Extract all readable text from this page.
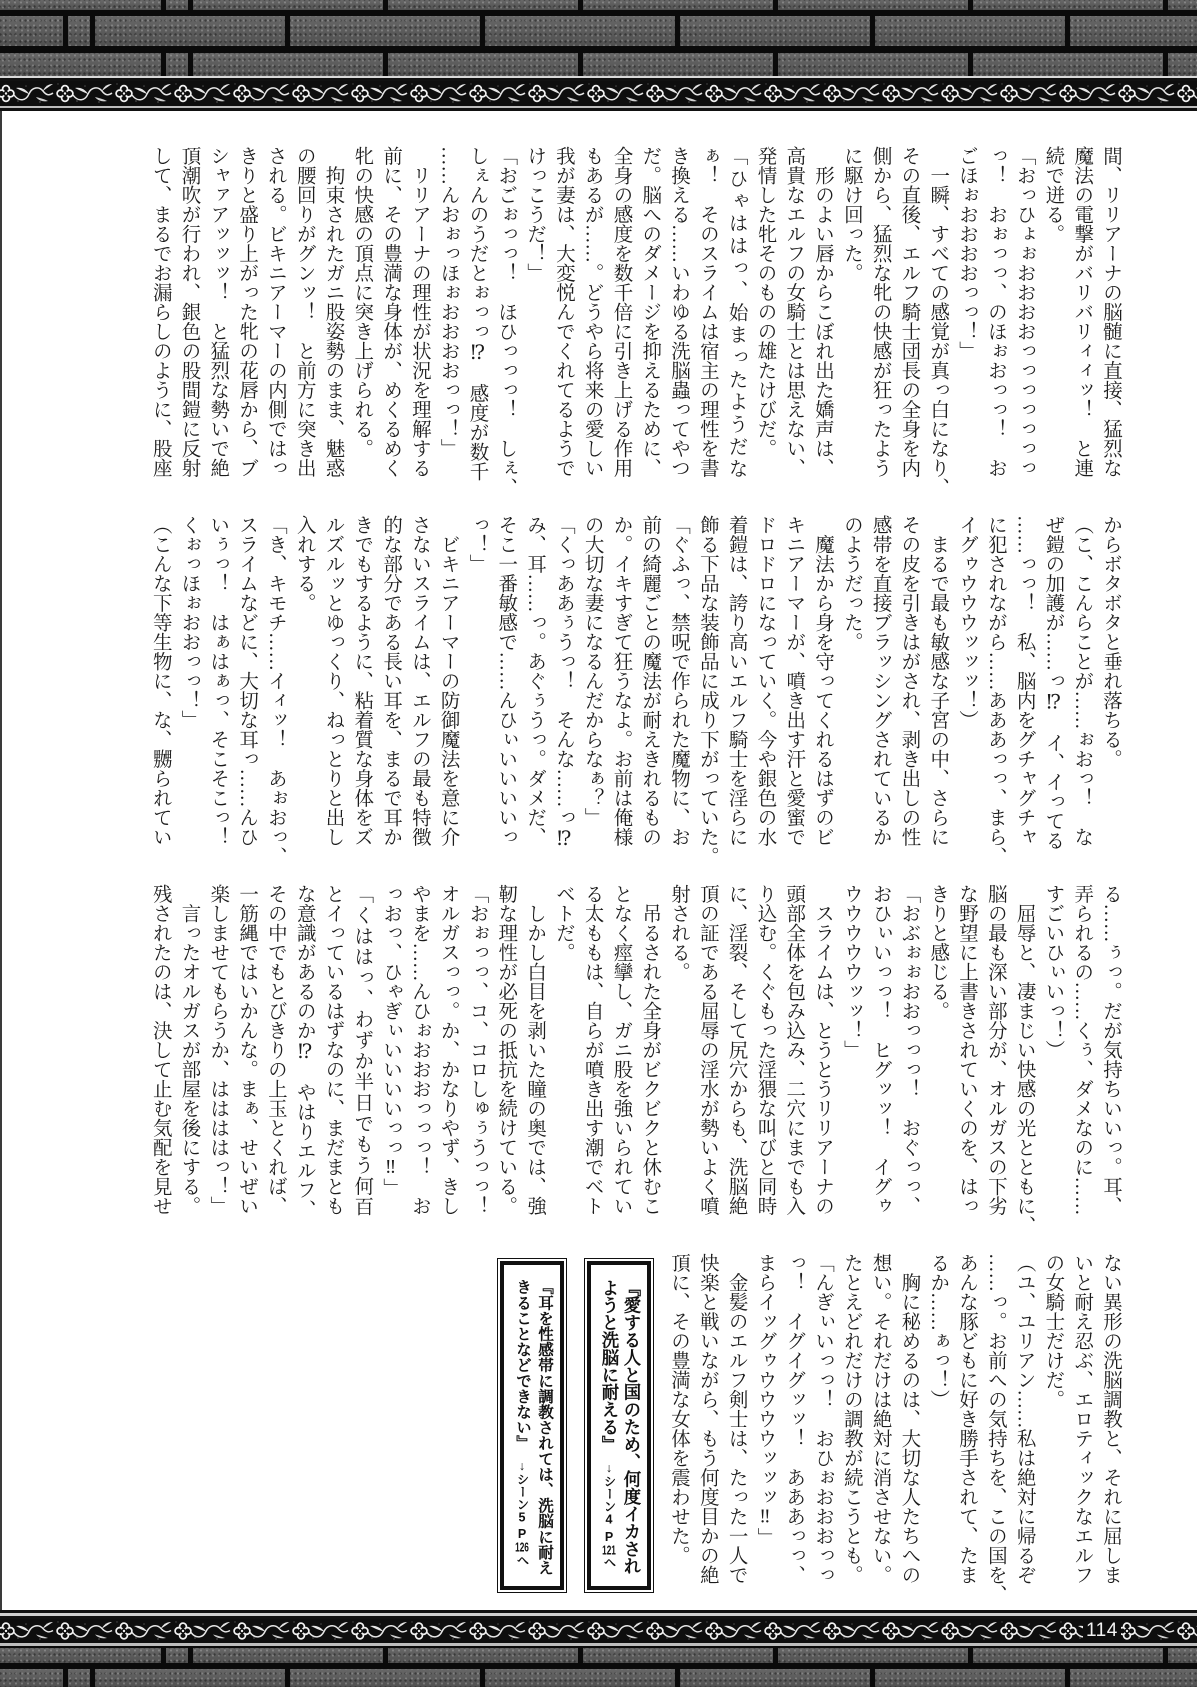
間、リリアーナの脳髄に直接、猛烈な
魔法の電撃がバリバリィィッ！　と連
続で迸る。
「おっひょぉおおおおっっっっっっっ
っ！　おぉっっ、のほぉおっっ！　お
ごほぉおおおおっっ！」
　一瞬、すべての感覚が真っ白になり、
その直後、エルフ騎士団長の全身を内
側から、猛烈な牝の快感が狂ったよう
に駆け回った。
　形のよい唇からこぼれ出た嬌声は、
高貴なエルフの女騎士とは思えない、
発情した牝そのものの雄たけびだ。
「ひゃははっ、始まったようだな
ぁ！　そのスライムは宿主の理性を書
き換える……いわゆる洗脳蟲ってやつ
だ。脳へのダメージを抑えるために、
全身の感度を数千倍に引き上げる作用
もあるが……。どうやら将来の愛しい
我が妻は、大変悦んでくれてるようで
けっこうだ！」
「おごぉっっ！　ほひっっっ！　しぇ、
しぇんのうだとぉっっ⁉　感度が数千
……んおぉっほぉおおおおっっ！」
　リリアーナの理性が状況を理解する
前に、その豊満な身体が、めくるめく
牝の快感の頂点に突き上げられる。
　拘束されたガニ股姿勢のまま、魅惑
の腰回りがグンッ！　と前方に突き出
される。ビキニアーマーの内側ではっ
きりと盛り上がった牝の花唇から、ブ
シャァアッッッ！　と猛烈な勢いで絶
頂潮吹が行われ、銀色の股間鎧に反射
して、まるでお漏らしのように、股座
からボタボタと垂れ落ちる。
（こ、こんらことが……ぉおっ！　な
ぜ鎧の加護が……っ⁉　イ、イってる
……っっ！　私、脳内をグチャグチャ
に犯されながら……あああっっ、まら、
イグゥウウウッッッ！）
　まるで最も敏感な子宮の中、さらに
その皮を引きはがされ、剥き出しの性
感帯を直接ブラッシングされているか
のようだった。
　魔法から身を守ってくれるはずのビ
キニアーマーが、噴き出す汗と愛蜜で
ドロドロになっていく。今や銀色の水
着鎧は、誇り高いエルフ騎士を淫らに
飾る下品な装飾品に成り下がっていた。
「ぐふっ、禁呪で作られた魔物に、お
前の綺麗ごとの魔法が耐えきれるもの
か。イキすぎて狂うなよ。お前は俺様
の大切な妻になるんだからなぁ？」
「くっああぅうっ！　そんな……っ⁉
み、耳……っ。あぐぅうっ。ダメだ、
そこ一番敏感で……んひぃいいいいっ
っ！」
　ビキニアーマーの防御魔法を意に介
さないスライムは、エルフの最も特徴
的な部分である長い耳を、まるで耳か
きでもするように、粘着質な身体をズ
ルズルッとゆっくり、ねっとりと出し
入れする。
「き、キモチ……イィッ！　あぉおっ、
スライムなどに、大切な耳っ……んひ
いぅっ！　はぁはぁっ、そこそこっ！
くぉっほぉおおっっ！」
（こんな下等生物に、な、嬲られてい
る……ぅっ。だが気持ちいいっ。耳、
弄られるの……くぅ、ダメなのに……
すごいひぃいっ！）
　屈辱と、凄まじい快感の光とともに、
脳の最も深い部分が、オルガスの下劣
な野望に上書きされていくのを、はっ
きりと感じる。
「おぶぉぉおおっっっ！　おぐっっ、
おひぃいっっ！　ヒグッッ！　イグゥ
ウウウウウッッ！」
　スライムは、とうとうリリアーナの
頭部全体を包み込み、二穴にまでも入
り込む。くぐもった淫猥な叫びと同時
に、淫裂、そして尻穴からも、洗脳絶
頂の証である屈辱の淫水が勢いよく噴
射される。
　吊るされた全身がビクビクと休むこ
となく痙攣し、ガニ股を強いられてい
る太ももは、自らが噴き出す潮でベト
ベトだ。
　しかし白目を剥いた瞳の奥では、強
靭な理性が必死の抵抗を続けている。
「おぉっっ、コ、コロしゅぅうっっ！
オルガスっっ。か、かなりやず、きし
やまを……んひぉおおおっっっ！　お
っおっ、ひゃぎぃいいいいっっ‼」
「くははっ、わずか半日でもう何百
とイっているはずなのに、まだまとも
な意識があるのか⁉　やはりエルフ、
その中でもとびきりの上玉とくれば、
一筋縄ではいかんな。まぁ、せいぜい
楽しませてもらうか、ははははっ！」
　言ったオルガスが部屋を後にする。
残されたのは、決して止む気配を見せ
ない異形の洗脳調教と、それに屈しま
いと耐え忍ぶ、エロティックなエルフ
の女騎士だけだ。
（ユ、ユリアン……私は絶対に帰るぞ
……っ。お前への気持ちを、この国を、
あんな豚どもに好き勝手されて、たま
るか……ぁっ！）
　胸に秘めるのは、大切な人たちへの
想い。それだけは絶対に消させない。
たとえどれだけの調教が続こうとも。
「んぎぃいっっ！　おひぉおおおっっ
っ！　イグイグッッ！　あああっっ、
まらイッグゥウウウウッッッ‼」
　金髪のエルフ剣士は、たった一人で
快楽と戦いながら、もう何度目かの絶
頂に、その豊満な女体を震わせた。
『愛する人と国のため、何度イカされ
ようと洗脳に耐える』↓シーン4P121へ
『耳を性感帯に調教されては、洗脳に耐え
きることなどできない』↓シーン5P126へ
114
